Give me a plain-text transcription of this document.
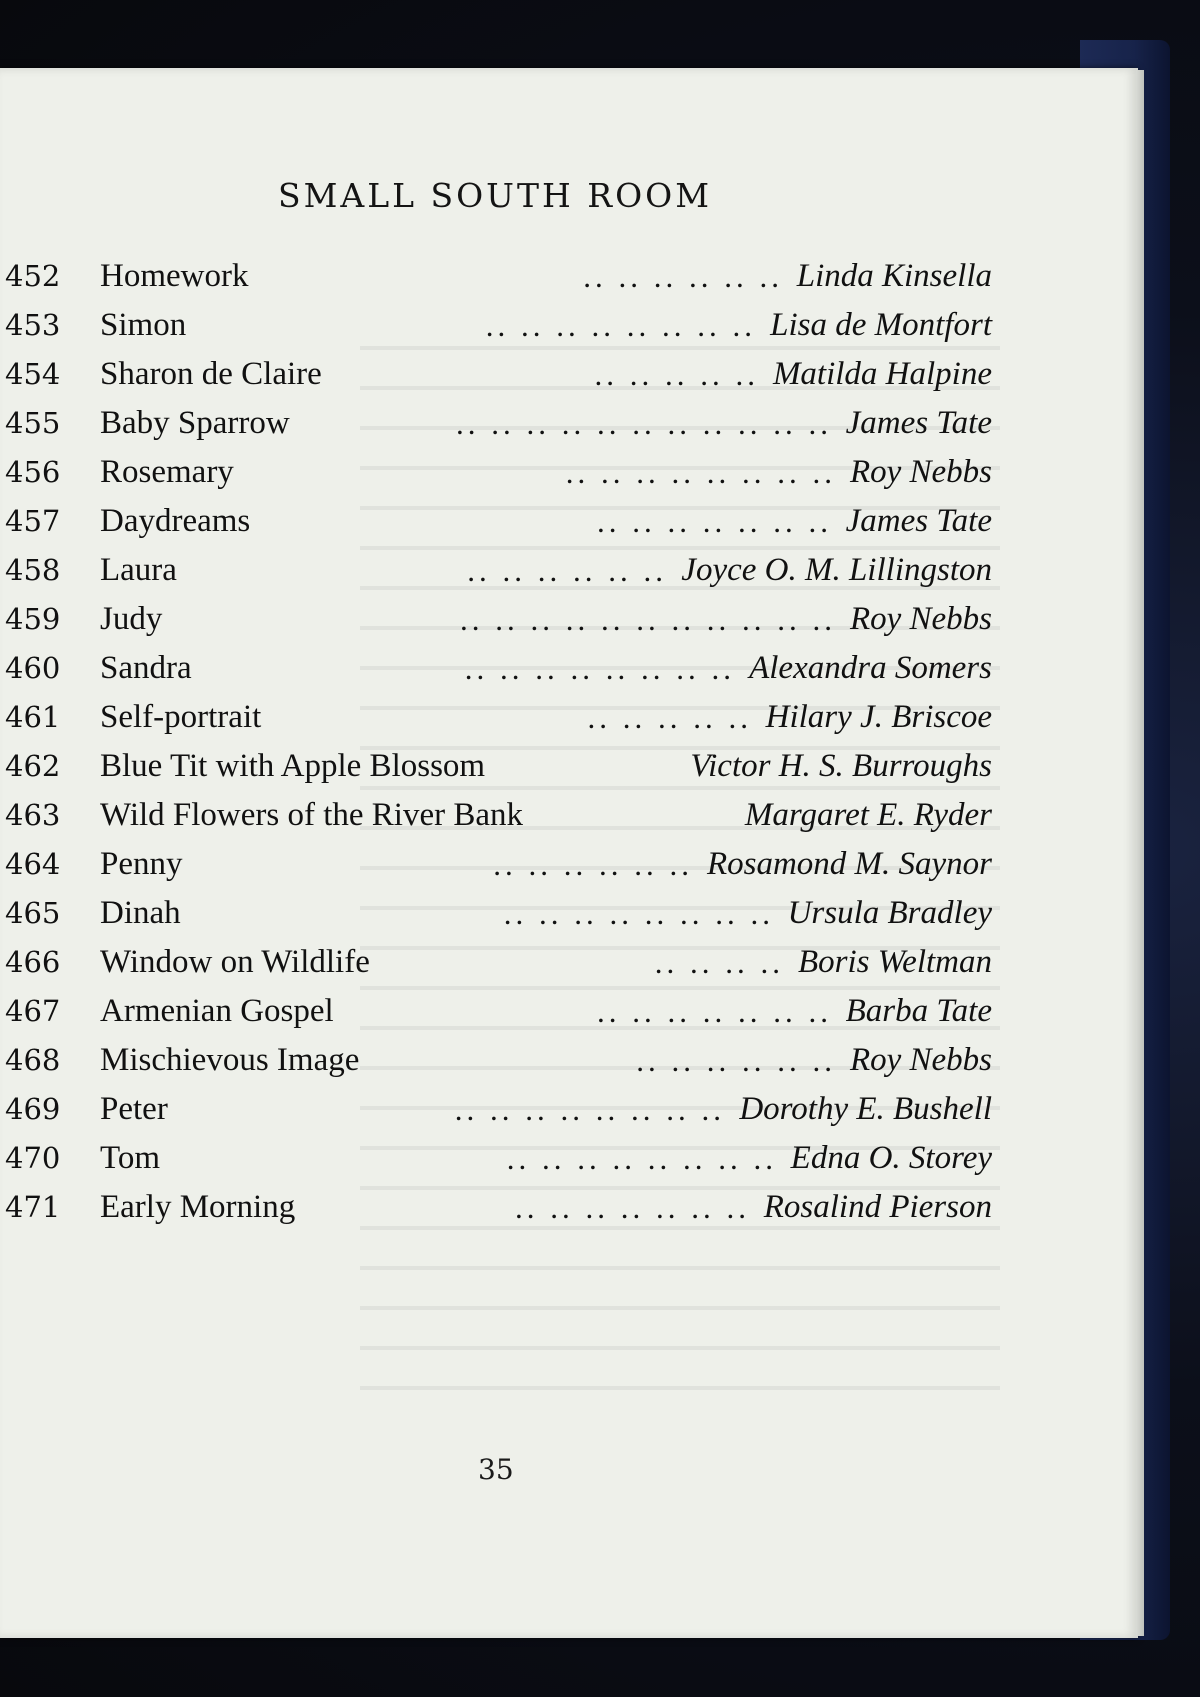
SMALL SOUTH ROOM
452 Homework	.. .. .. .. .. .. Linda Kinsella
453 Simon	.. .. .. .. .. .. .. .. Lisa de Montfort
454 Sharon de Claire	.. .. .. .. .. Matilda Halpine
455 Baby Sparrow	.. .. .. .. .. .. .. .. .. .. .. James Tate
456 Rosemary	.. .. .. .. .. .. .. .. Roy Nebbs
457 Daydreams	.. .. .. .. .. .. .. James Tate
458 Laura	.. .. .. .. .. .. Joyce O. M. Lillingston
459 Judy	.. .. .. .. .. .. .. .. .. .. .. Roy Nebbs
460 Sandra	.. .. .. .. .. .. .. .. Alexandra Somers
461 Self-portrait	.. .. .. .. .. Hilary J. Briscoe
462 Blue Tit with Apple Blossom	Victor H. S. Burroughs
463 Wild Flowers of the River Bank	Margaret E. Ryder
464 Penny	.. .. .. .. .. .. Rosamond M. Saynor
465 Dinah	.. .. .. .. .. .. .. .. Ursula Bradley
466 Window on Wildlife	.. .. .. .. Boris Weltman
467 Armenian Gospel	.. .. .. .. .. .. .. Barba Tate
468 Mischievous Image	.. .. .. .. .. .. Roy Nebbs
469 Peter	.. .. .. .. .. .. .. .. Dorothy E. Bushell
470 Tom	.. .. .. .. .. .. .. .. Edna O. Storey
471 Early Morning	.. .. .. .. .. .. .. Rosalind Pierson
35
